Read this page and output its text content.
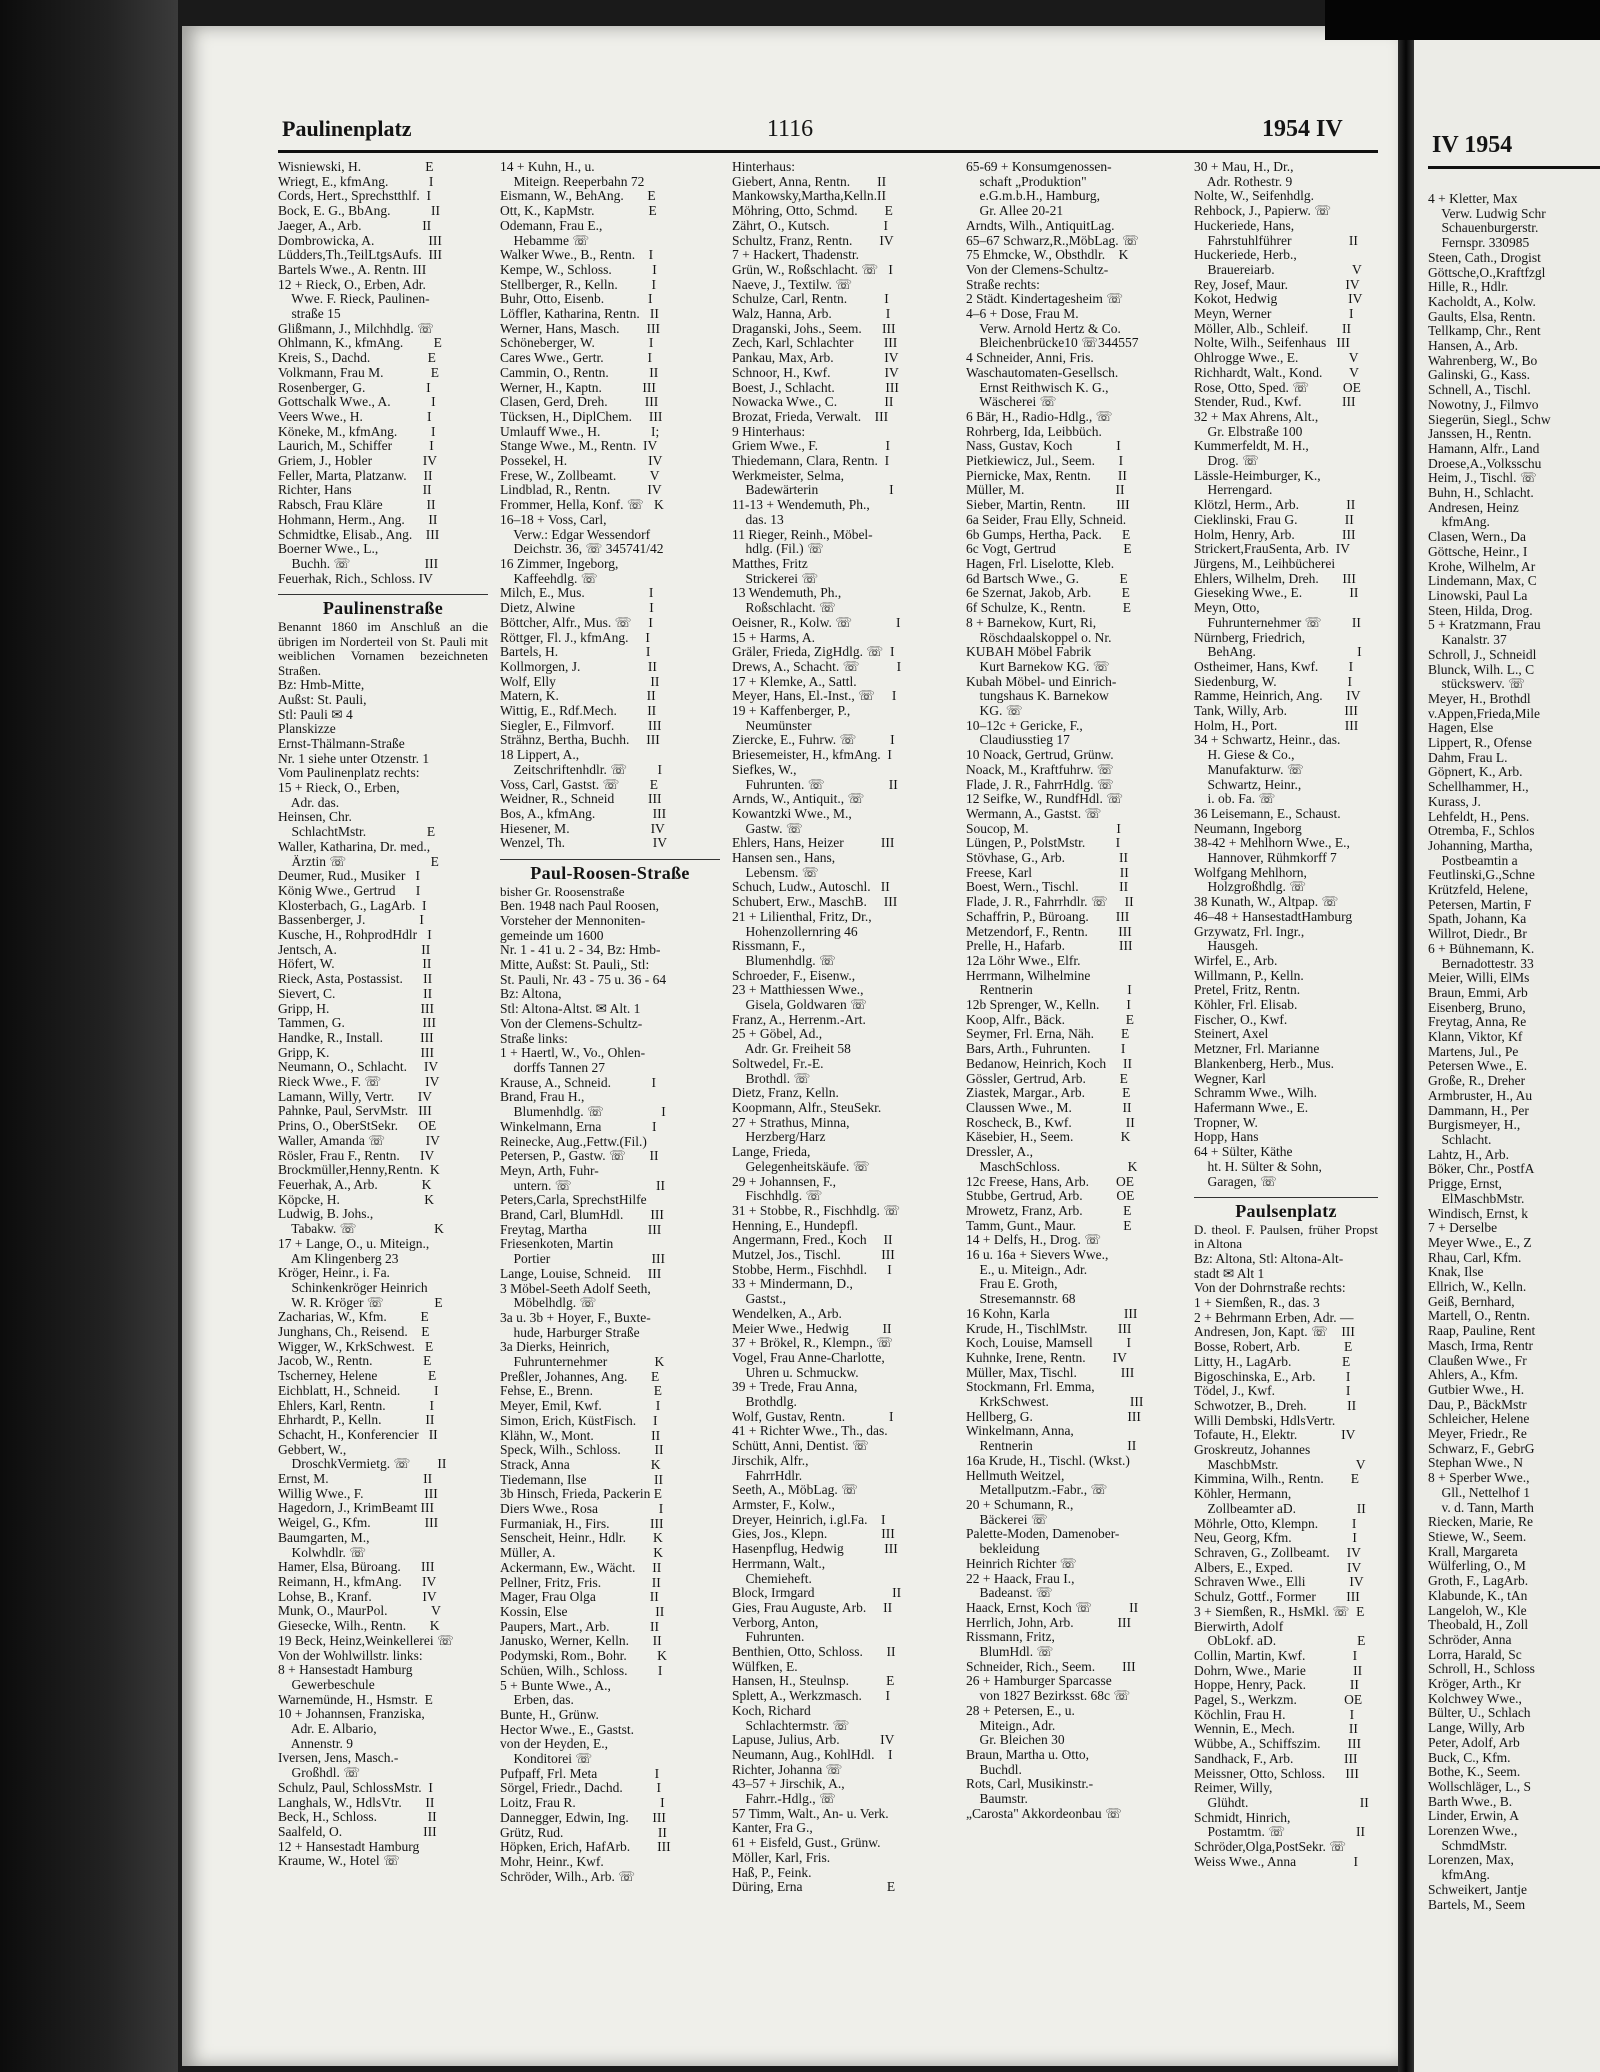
Paulinenplatz	1116	1954 IV
Wisniewski, H.                   E
Wriegt, E., kfmAng.            I
Cords, Hert., Sprechstthlf.  I
Bock, E. G., BbAng.            II
Jaeger, A., Arb.                  II
Dombrowicka, A.                III
Lüdders,Th.,TeilLtgsAufs.  III
Bartels Wwe., A. Rentn. III
12 + Rieck, O., Erben, Adr.
Wwe. F. Rieck, Paulinen-
straße 15
Glißmann, J., Milchhdlg. ☏
Ohlmann, K., kfmAng.         E
Kreis, S., Dachd.                 E
Volkmann, Frau M.              E
Rosenberger, G.                  I
Gottschalk Wwe., A.            I
Veers Wwe., H.                   I
Köneke, M., kfmAng.          I
Laurich, M., Schiffer           I
Griem, J., Hobler               IV
Feller, Marta, Platzanw.     II
Richter, Hans                     II
Rabsch, Frau Kläre             II
Hohmann, Herm., Ang.       II
Schmidtke, Elisab., Ang.    III
Boerner Wwe., L.,
Buchh. ☏                      III
Feuerhak, Rich., Schloss. IV
Paulinenstraße
Benannt 1860 im Anschluß an die übrigen im Norderteil von St. Pauli mit weiblichen Vornamen bezeichneten Straßen.
Bz: Hmb-Mitte,
Außst: St. Pauli,
Stl: Pauli ✉ 4
Planskizze
Ernst-Thälmann-Straße
Nr. 1 siehe unter Otzenstr. 1
Vom Paulinenplatz rechts:
15 + Rieck, O., Erben,
Adr. das.
Heinsen, Chr.
SchlachtMstr.                  E
Waller, Katharina, Dr. med.,
Ärztin ☏                         E
Deumer, Rud., Musiker   I
König Wwe., Gertrud      I
Klosterbach, G., LagArb.  I
Bassenberger, J.                I
Kusche, H., RohprodHdlr   I
Jentsch, A.                         II
Höfert, W.                          II
Rieck, Asta, Postassist.      II
Sievert, C.                          II
Gripp, H.                           III
Tammen, G.                       III
Handke, R., Install.           III
Gripp, K.                           III
Neumann, O., Schlacht.     IV
Rieck Wwe., F. ☏             IV
Lamann, Willy, Vertr.       IV
Pahnke, Paul, ServMstr.   III
Prins, O., OberStSekr.      OE
Waller, Amanda ☏            IV
Rösler, Frau F., Rentn.      IV
Brockmüller,Henny,Rentn.  K
Feuerhak, A., Arb.             K
Köpcke, H.                         K
Ludwig, B. Johs.,
Tabakw. ☏                       K
17 + Lange, O., u. Miteign.,
Am Klingenberg 23
Kröger, Heinr., i. Fa.
Schinkenkröger Heinrich
W. R. Kröger ☏               E
Zacharias, W., Kfm.          E
Junghans, Ch., Reisend.    E
Wigger, W., KrkSchwest.   E
Jacob, W., Rentn.               E
Tscherney, Helene               E
Eichblatt, H., Schneid.          I
Ehlers, Karl, Rentn.             I
Ehrhardt, P., Kelln.             II
Schacht, H., Konferencier   II
Gebbert, W.,
DroschkVermietg. ☏        II
Ernst, M.                            II
Willig Wwe., F.                  III
Hagedorn, J., KrimBeamt III
Weigel, G., Kfm.                III
Baumgarten, M.,
Kolwhdlr. ☏
Hamer, Elsa, Büroang.      III
Reimann, H., kfmAng.      IV
Lohse, B., Kranf.               IV
Munk, O., MaurPol.             V
Giesecke, Wilh., Rentn.       K
19 Beck, Heinz,Weinkellerei ☏
Von der Wohlwillstr. links:
8 + Hansestadt Hamburg
Gewerbeschule
Warnemünde, H., Hsmstr.  E
10 + Johannsen, Franziska,
Adr. E. Albario,
Annenstr. 9
Iversen, Jens, Masch.-
Großhdl. ☏
Schulz, Paul, SchlossMstr.  I
Langhals, W., HdlsVtr.       II
Beck, H., Schloss.               II
Saalfeld, O.                        III
12 + Hansestadt Hamburg
Kraume, W., Hotel ☏
14 + Kuhn, H., u.
Miteign. Reeperbahn 72
Eismann, W., BehAng.       E
Ott, K., KapMstr.                E
Odemann, Frau E.,
Hebamme ☏
Walker Wwe., B., Rentn.    I
Kempe, W., Schloss.            I
Stellberger, R., Kelln.          I
Buhr, Otto, Eisenb.             I
Löffler, Katharina, Rentn.   II
Werner, Hans, Masch.        III
Schöneberger, W.                I
Cares Wwe., Gertr.             I
Cammin, O., Rentn.            II
Werner, H., Kaptn.            III
Clasen, Gerd, Dreh.           III
Tücksen, H., DiplChem.     III
Umlauff Wwe., H.               I;
Stange Wwe., M., Rentn.  IV
Possekel, H.                        IV
Frese, W., Zollbeamt.          V
Lindblad, R., Rentn.           IV
Frommer, Hella, Konf. ☏   K
16–18 + Voss, Carl,
Verw.: Edgar Wessendorf
Deichstr. 36, ☏ 345741/42
16 Zimmer, Ingeborg,
Kaffeehdlg. ☏
Milch, E., Mus.                   I
Dietz, Alwine                      I
Böttcher, Alfr., Mus. ☏     I
Röttger, Fl. J., kfmAng.     I
Bartels, H.                          I
Kollmorgen, J.                    II
Wolf, Elly                            II
Matern, K.                          II
Wittig, E., Rdf.Mech.         II
Siegler, E., Filmvorf.          III
Strähnz, Bertha, Buchh.     III
18 Lippert, A.,
Zeitschriftenhdlr. ☏         I
Voss, Carl, Gastst. ☏         E
Weidner, R., Schneid          III
Bos, A., kfmAng.                 III
Hiesener, M.                        IV
Wenzel, Th.                          IV
Paul-Roosen-Straße
bisher Gr. Roosenstraße
Ben. 1948 nach Paul Roosen,
Vorsteher der Mennoniten-
gemeinde um 1600
Nr. 1 - 41 u. 2 - 34, Bz: Hmb-
Mitte, Außst: St. Pauli,, Stl:
St. Pauli, Nr. 43 - 75 u. 36 - 64
Bz: Altona,
Stl: Altona-Altst. ✉ Alt. 1
Von der Clemens-Schultz-
Straße links:
1 + Haertl, W., Vo., Ohlen-
dorffs Tannen 27
Krause, A., Schneid.            I
Brand, Frau H.,
Blumenhdlg. ☏                 I
Winkelmann, Erna               I
Reinecke, Aug.,Fettw.(Fil.)
Petersen, P., Gastw. ☏       II
Meyn, Arth, Fuhr-
untern. ☏                         II
Peters,Carla, SprechstHilfe
Brand, Carl, BlumHdl.        III
Freytag, Martha                  III
Friesenkoten, Martin
Portier                              III
Lange, Louise, Schneid.     III
3 Möbel-Seeth Adolf Seeth,
Möbelhdlg. ☏
3a u. 3b + Hoyer, F., Buxte-
hude, Harburger Straße
3a Dierks, Heinrich,
Fuhrunternehmer              K
Preßler, Johannes, Ang.       E
Fehse, E., Brenn.                  E
Meyer, Emil, Kwf.                I
Simon, Erich, KüstFisch.     I
Klähn, W., Mont.                 II
Speck, Wilh., Schloss.          II
Strack, Anna                        K
Tiedemann, Ilse                    II
3b Hinsch, Frieda, Packerin E
Diers Wwe., Rosa                  I
Furmaniak, H., Firs.            III
Senscheit, Heinr., Hdlr.        K
Müller, A.                             K
Ackermann, Ew., Wächt.     II
Pellner, Fritz, Fris.               II
Mager, Frau Olga                II
Kossin, Else                          II
Paupers, Mart., Arb.            II
Janusko, Werner, Kelln.       II
Podymski, Rom., Bohr.         K
Schüen, Wilh., Schloss.         I
5 + Bunte Wwe., A.,
Erben, das.
Bunte, H., Grünw.
Hector Wwe., E., Gastst.
von der Heyden, E.,
Konditorei ☏
Pufpaff, Frl. Meta                 I
Sörgel, Friedr., Dachd.          I
Loitz, Frau R.                         I
Dannegger, Edwin, Ing.       III
Grütz, Rud.                            II
Höpken, Erich, HafArb.        III
Mohr, Heinr., Kwf.
Schröder, Wilh., Arb. ☏
Hinterhaus:
Giebert, Anna, Rentn.        II
Mankowsky,Martha,Kelln.II
Möhring, Otto, Schmd.        E
Zährt, O., Kutsch.                I
Schultz, Franz, Rentn.        IV
7 + Hackert, Thadenstr.
Grün, W., Roßschlacht. ☏   I
Naeve, J., Textilw. ☏
Schulze, Carl, Rentn.           I
Walz, Hanna, Arb.                I
Draganski, Johs., Seem.      III
Zech, Karl, Schlachter         III
Pankau, Max, Arb.               IV
Schnoor, H., Kwf.                IV
Boest, J., Schlacht.               III
Nowacka Wwe., C.              II
Brozat, Frieda, Verwalt.    III
9 Hinterhaus:
Griem Wwe., F.                    I
Thiedemann, Clara, Rentn.  I
Werkmeister, Selma,
Badewärterin                     I
11-13 + Wendemuth, Ph.,
das. 13
11 Rieger, Reinh., Möbel-
hdlg. (Fil.) ☏
Matthes, Fritz
Strickerei ☏
13 Wendemuth, Ph.,
Roßschlacht. ☏
Oeisner, R., Kolw. ☏             I
15 + Harms, A.
Gräler, Frieda, ZigHdlg. ☏  I
Drews, A., Schacht. ☏           I
17 + Klemke, A., Sattl.
Meyer, Hans, El.-Inst., ☏     I
19 + Kaffenberger, P.,
Neumünster
Ziercke, E., Fuhrw. ☏          I
Briesemeister, H., kfmAng.  I
Siefkes, W.,
Fuhrunten. ☏                   II
Arnds, W., Antiquit., ☏
Kowantzki Wwe., M.,
Gastw. ☏
Ehlers, Hans, Heizer           III
Hansen sen., Hans,
Lebensm. ☏
Schuch, Ludw., Autoschl.   II
Schubert, Erw., MaschB.     III
21 + Lilienthal, Fritz, Dr.,
Hohenzollernring 46
Rissmann, F.,
Blumenhdlg. ☏
Schroeder, F., Eisenw.,
23 + Matthiessen Wwe.,
Gisela, Goldwaren ☏
Franz, A., Herrenm.-Art.
25 + Göbel, Ad.,
Adr. Gr. Freiheit 58
Soltwedel, Fr.-E.
Brothdl. ☏
Dietz, Franz, Kelln.
Koopmann, Alfr., SteuSekr.
27 + Strathus, Minna,
Herzberg/Harz
Lange, Frieda,
Gelegenheitskäufe. ☏
29 + Johannsen, F.,
Fischhdlg. ☏
31 + Stobbe, R., Fischhdlg. ☏
Henning, E., Hundepfl.
Angermann, Fred., Koch     II
Mutzel, Jos., Tischl.            III
Stobbe, Herm., Fischhdl.      I
33 + Mindermann, D.,
Gastst.,
Wendelken, A., Arb.
Meier Wwe., Hedwig          II
37 + Brökel, R., Klempn., ☏
Vogel, Frau Anne-Charlotte,
Uhren u. Schmuckw.
39 + Trede, Frau Anna,
Brothdlg.
Wolf, Gustav, Rentn.             I
41 + Richter Wwe., Th., das.
Schütt, Anni, Dentist. ☏
Jirschik, Alfr.,
FahrrHdlr.
Seeth, A., MöbLag. ☏
Armster, F., Kolw.,
Dreyer, Heinrich, i.gl.Fa.    I
Gies, Jos., Klepn.                III
Hasenpflug, Hedwig            III
Herrmann, Walt.,
Chemieheft.
Block, Irmgard                       II
Gies, Frau Auguste, Arb.     II
Verborg, Anton,
Fuhrunten.
Benthien, Otto, Schloss.       II
Wülfken, E.
Hansen, H., Steulnsp.           E
Splett, A., Werkzmasch.       I
Koch, Richard
Schlachtermstr. ☏
Lapuse, Julius, Arb.            IV
Neumann, Aug., KohlHdl.    I
Richter, Johanna ☏
43–57 + Jirschik, A.,
Fahrr.-Hdlg., ☏
57 Timm, Walt., An- u. Verk.
Kanter, Fra G.,
61 + Eisfeld, Gust., Grünw.
Möller, Karl, Fris.
Haß, P., Feink.
Düring, Erna                         E
65-69 + Konsumgenossen-
schaft „Produktion"
e.G.m.b.H., Hamburg,
Gr. Allee 20-21
Arndts, Wilh., AntiquitLag.
65–67 Schwarz,R.,MöbLag. ☏
75 Ehmcke, W., Obsthdlr.    K
Von der Clemens-Schultz-
Straße rechts:
2 Städt. Kindertagesheim ☏
4–6 + Dose, Frau M.
Verw. Arnold Hertz & Co.
Bleichenbrücke10 ☏344557
4 Schneider, Anni, Fris.
Waschautomaten-Gesellsch.
Ernst Reithwisch K. G.,
Wäscherei ☏
6 Bär, H., Radio-Hdlg., ☏
Rohrberg, Ida, Leibbüch.
Nass, Gustav, Koch             I
Pietkiewicz, Jul., Seem.       I
Piernicke, Max, Rentn.        II
Müller, M.                           II
Sieber, Martin, Rentn.         III
6a Seider, Frau Elly, Schneid.
6b Gumps, Hertha, Pack.      E
6c Vogt, Gertrud                    E
Hagen, Frl. Liselotte, Kleb.
6d Bartsch Wwe., G.            E
6e Szernat, Jakob, Arb.         E
6f Schulze, K., Rentn.           E
8 + Barnekow, Kurt, Ri,
Röschdaalskoppel o. Nr.
KUBAH Möbel Fabrik
Kurt Barnekow KG. ☏
Kubah Möbel- und Einrich-
tungshaus K. Barnekow
KG. ☏
10–12c + Gericke, F.,
Claudiusstieg 17
10 Noack, Gertrud, Grünw.
Noack, M., Kraftfuhrw. ☏
Flade, J. R., FahrrHdlg. ☏
12 Seifke, W., RundfHdl. ☏
Wermann, A., Gastst. ☏
Soucop, M.                          I
Lüngen, P., PolstMstr.         I
Stövhase, G., Arb.                II
Freese, Karl                          II
Boest, Wern., Tischl.            II
Flade, J. R., Fahrrhdlr. ☏     II
Schaffrin, P., Büroang.        III
Metzendorf, F., Rentn.         III
Prelle, H., Hafarb.                III
12a Löhr Wwe., Elfr.
Herrmann, Wilhelmine
Rentnerin                            I
12b Sprenger, W., Kelln.        I
Koop, Alfr., Bäck.                  E
Seymer, Frl. Erna, Näh.        E
Bars, Arth., Fuhrunten.         I
Bedanow, Heinrich, Koch     II
Gössler, Gertrud, Arb.          E
Ziastek, Margar., Arb.           E
Claussen Wwe., M.               II
Roscheck, B., Kwf.                II
Käsebier, H., Seem.              K
Dressler, A.,
MaschSchloss.                    K
12c Freese, Hans, Arb.        OE
Stubbe, Gertrud, Arb.          OE
Mrowetz, Franz, Arb.            E
Tamm, Gunt., Maur.              E
14 + Delfs, H., Drog. ☏
16 u. 16a + Sievers Wwe.,
E., u. Miteign., Adr.
Frau E. Groth,
Stresemannstr. 68
16 Kohn, Karla                      III
Krude, H., TischlMstr.         III
Koch, Louise, Mamsell          I
Kuhnke, Irene, Rentn.        IV
Müller, Max, Tischl.             III
Stockmann, Frl. Emma,
KrkSchwest.                        III
Hellberg, G.                            III
Winkelmann, Anna,
Rentnerin                            II
16a Krude, H., Tischl. (Wkst.)
Hellmuth Weitzel,
Metallputzm.-Fabr., ☏
20 + Schumann, R.,
Bäckerei ☏
Palette-Moden, Damenober-
bekleidung
Heinrich Richter ☏
22 + Haack, Frau I.,
Badeanst. ☏
Haack, Ernst, Koch ☏           II
Herrlich, John, Arb.             III
Rissmann, Fritz,
BlumHdl. ☏
Schneider, Rich., Seem.        III
26 + Hamburger Sparcasse
von 1827 Bezirksst. 68c ☏
28 + Petersen, E., u.
Miteign., Adr.
Gr. Bleichen 30
Braun, Martha u. Otto,
Buchdl.
Rots, Carl, Musikinstr.-
Baumstr.
„Carosta" Akkordeonbau ☏
30 + Mau, H., Dr.,
Adr. Rothestr. 9
Nolte, W., Seifenhdlg.
Rehbock, J., Papierw. ☏
Huckeriede, Hans,
Fahrstuhlführer                 II
Huckeriede, Herb.,
Brauereiarb.                       V
Rey, Josef, Maur.                 IV
Kokot, Hedwig                     IV
Meyn, Werner                       I
Möller, Alb., Schleif.          II
Nolte, Wilh., Seifenhaus   III
Ohlrogge Wwe., E.               V
Richhardt, Walt., Kond.        V
Rose, Otto, Sped. ☏          OE
Stender, Rud., Kwf.            III
32 + Max Ahrens, Alt.,
Gr. Elbstraße 100
Kummerfeldt, M. H.,
Drog. ☏
Lässle-Heimburger, K.,
Herrengard.
Klötzl, Herm., Arb.              II
Cieklinski, Frau G.              II
Holm, Henry, Arb.              III
Strickert,FrauSenta, Arb.  IV
Jürgens, M., Leihbücherei
Ehlers, Wilhelm, Dreh.       III
Gieseking Wwe., E.              II
Meyn, Otto,
Fuhrunternehmer ☏         II
Nürnberg, Friedrich,
BehAng.                              I
Ostheimer, Hans, Kwf.         I
Siedenburg, W.                     I
Ramme, Heinrich, Ang.       IV
Tank, Willy, Arb.                 III
Holm, H., Port.                    III
34 + Schwartz, Heinr., das.
H. Giese & Co.,
Manufakturw. ☏
Schwartz, Heinr.,
i. ob. Fa. ☏
36 Leisemann, E., Schaust.
Neumann, Ingeborg
38-42 + Mehlhorn Wwe., E.,
Hannover, Rühmkorff 7
Wolfgang Mehlhorn,
Holzgroßhdlg. ☏
38 Kunath, W., Altpap. ☏
46–48 + HansestadtHamburg
Grzywatz, Frl. Ingr.,
Hausgeh.
Wirfel, E., Arb.
Willmann, P., Kelln.
Pretel, Fritz, Rentn.
Köhler, Frl. Elisab.
Fischer, O., Kwf.
Steinert, Axel
Metzner, Frl. Marianne
Blankenberg, Herb., Mus.
Wegner, Karl
Schramm Wwe., Wilh.
Hafermann Wwe., E.
Tropner, W.
Hopp, Hans
64 + Sülter, Käthe
ht. H. Sülter & Sohn,
Garagen, ☏
Paulsenplatz
D. theol. F. Paulsen, früher Propst in Altona
Bz: Altona, Stl: Altona-Alt-
stadt ✉ Alt 1
Von der Dohrnstraße rechts:
1 + Siemßen, R., das. 3
2 + Behrmann Erben, Adr. —
Andresen, Jon, Kapt. ☏    III
Bosse, Robert, Arb.             E
Litty, H., LagArb.               E
Bigoschinska, E., Arb.         I
Tödel, J., Kwf.                     I
Schwotzer, B., Dreh.            II
Willi Dembski, HdlsVertr.
Tofaute, H., Elektr.             IV
Groskreutz, Johannes
MaschbMstr.                       V
Kimmina, Wilh., Rentn.        E
Köhler, Hermann,
Zollbeamter aD.                  II
Möhrle, Otto, Klempn.          I
Neu, Georg, Kfm.                  I
Schraven, G., Zollbeamt.     IV
Albers, E., Exped.                IV
Schraven Wwe., Elli             IV
Schulz, Gottf., Former         III
3 + Siemßen, R., HsMkl. ☏  E
Bierwirth, Adolf
ObLokf. aD.                        E
Collin, Martin, Kwf.              I
Dohrn, Wwe., Marie              II
Hoppe, Henry, Pack.             II
Pagel, S., Werkzm.              OE
Köchlin, Frau H.                   I
Wennin, E., Mech.                II
Wübbe, A., Schiffszim.        III
Sandhack, F., Arb.               III
Meissner, Otto, Schloss.      III
Reimer, Willy,
Glühdt.                                 II
Schmidt, Hinrich,
Postamtm. ☏                     II
Schröder,Olga,PostSekr. ☏
Weiss Wwe., Anna                 I
IV 1954
4 + Kletter, Max
Verw. Ludwig Schr
Schauenburgerstr.
Fernspr. 330985
Steen, Cath., Drogist
Göttsche,O.,Kraftfzgl
Hille, R., Hdlr.
Kacholdt, A., Kolw.
Gaults, Elsa, Rentn.
Tellkamp, Chr., Rent
Hansen, A., Arb.
Wahrenberg, W., Bo
Galinski, G., Kass.
Schnell, A., Tischl.
Nowotny, J., Filmvo
Siegerün, Siegl., Schw
Janssen, H., Rentn.
Hamann, Alfr., Land
Droese,A.,Volksschu
Heim, J., Tischl. ☏
Buhn, H., Schlacht.
Andresen, Heinz
kfmAng.
Clasen, Wern., Da
Göttsche, Heinr., I
Krohe, Wilhelm, Ar
Lindemann, Max, C
Linowski, Paul La
Steen, Hilda, Drog.
5 + Kratzmann, Frau
Kanalstr. 37
Schroll, J., Schneidl
Blunck, Wilh. L., C
stückswerv. ☏
Meyer, H., Brothdl
v.Appen,Frieda,Mile
Hagen, Else
Lippert, R., Ofense
Dahm, Frau L.
Göpnert, K., Arb.
Schellhammer, H.,
Kurass, J.
Lehfeldt, H., Pens.
Otremba, F., Schlos
Johanning, Martha,
Postbeamtin a
Feutlinski,G.,Schne
Krützfeld, Helene,
Petersen, Martin, F
Spath, Johann, Ka
Willrot, Diedr., Br
6 + Bühnemann, K.
Bernadottestr. 33
Meier, Willi, ElMs
Braun, Emmi, Arb
Eisenberg, Bruno,
Freytag, Anna, Re
Klann, Viktor, Kf
Martens, Jul., Pe
Petersen Wwe., E.
Große, R., Dreher
Armbruster, H., Au
Dammann, H., Per
Burgismeyer, H.,
Schlacht.
Lahtz, H., Arb.
Böker, Chr., PostfA
Prigge, Ernst,
ElMaschbMstr.
Windisch, Ernst, k
7 + Derselbe
Meyer Wwe., E., Z
Rhau, Carl, Kfm.
Knak, Ilse
Ellrich, W., Kelln.
Geiß, Bernhard,
Martell, O., Rentn.
Raap, Pauline, Rent
Masch, Irma, Rentr
Claußen Wwe., Fr
Ahlers, A., Kfm.
Gutbier Wwe., H.
Dau, P., BäckMstr
Schleicher, Helene
Meyer, Friedr., Re
Schwarz, F., GebrG
Stephan Wwe., N
8 + Sperber Wwe.,
Gll., Nettelhof 1
v. d. Tann, Marth
Riecken, Marie, Re
Stiewe, W., Seem.
Krall, Margareta
Wülferling, O., M
Groth, F., LagArb.
Klabunde, K., tAn
Langeloh, W., Kle
Theobald, H., Zoll
Schröder, Anna
Lorra, Harald, Sc
Schroll, H., Schloss
Kröger, Arth., Kr
Kolchwey Wwe.,
Bülter, U., Schlach
Lange, Willy, Arb
Peter, Adolf, Arb
Buck, C., Kfm.
Bothe, K., Seem.
Wollschläger, L., S
Barth Wwe., B.
Linder, Erwin, A
Lorenzen Wwe.,
SchmdMstr.
Lorenzen, Max,
kfmAng.
Schweikert, Jantje
Bartels, M., Seem
